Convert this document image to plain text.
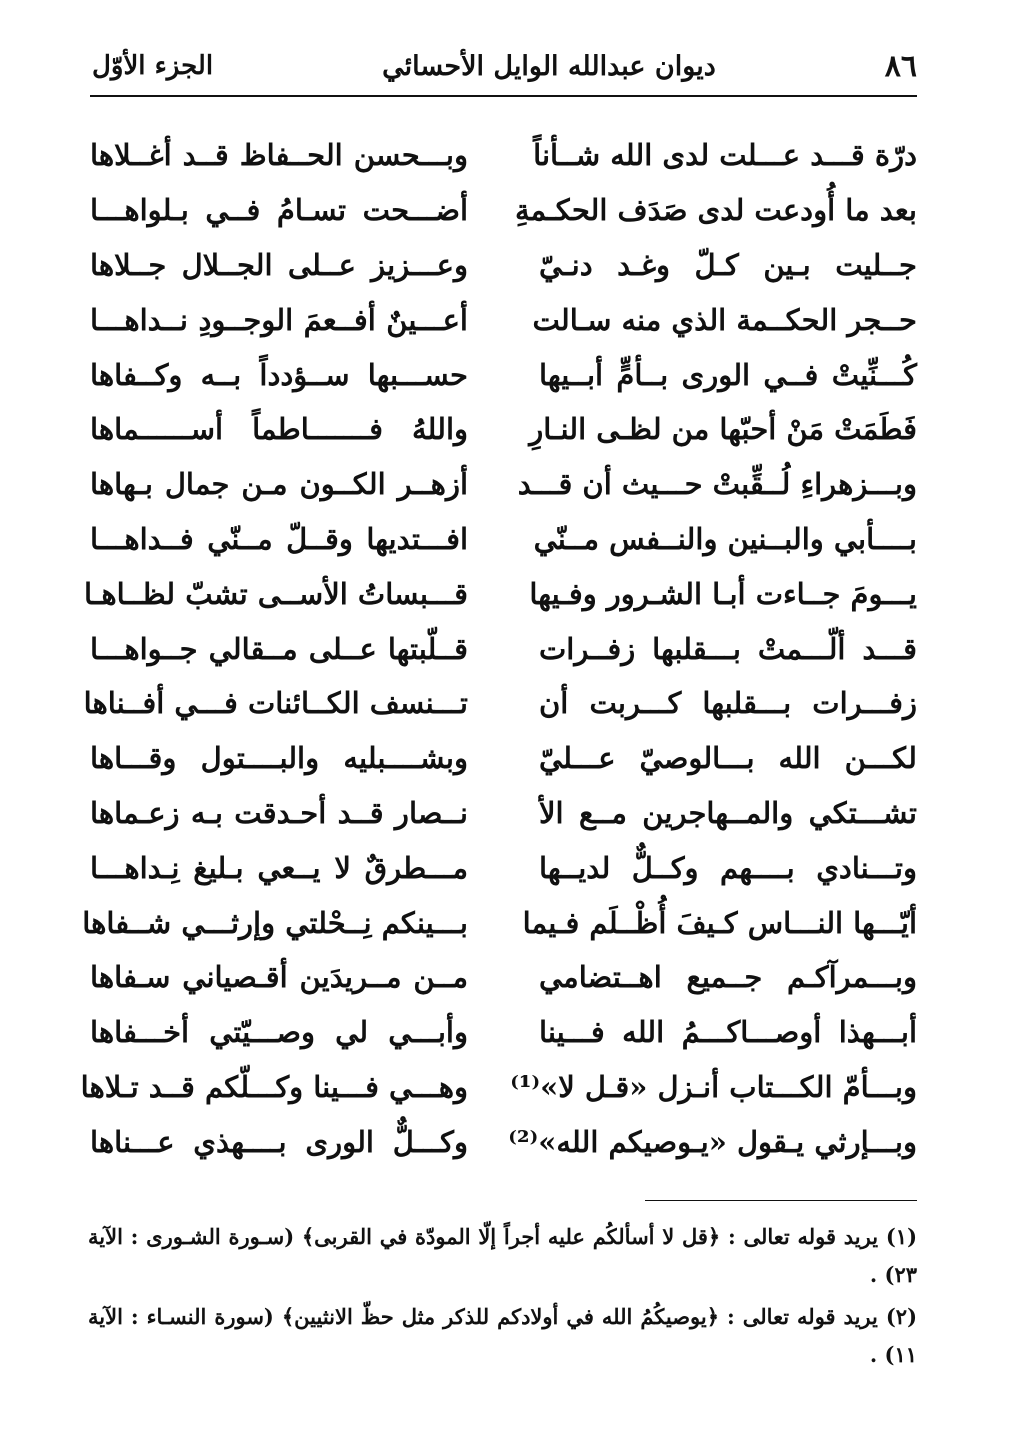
٨٦
ديوان عبدالله الوايل الأحسائي
الجزء الأوّل
درّة قـــد عـــلت لدى الله شــأناً
وبـــحسن الحــفاظ قــد أغــلاها
بعد ما أُودعت لدى صَدَف الحكـمةِ
أضـــحت تسـامُ فــي بـلواهـــا
جــليت بـين كـلّ وغـد دنـيّ
وعـــزيز عــلى الجــلال جــلاها
حــجر الحكــمة الذي منه سـالت
أعـــينٌ أفــعمَ الوجــودِ نــداهـــا
كُـــنِّيتْ فــي الورى بــأمٍّ أبــيها
حســـبها ســؤدداً بــه وكــفاها
فَطَمَتْ مَنْ أحبّها من لظـى النـارِ
واللهُ فـــــــاطماً أســــــماها
وبـــزهراءِ لُــقِّبتْ حـــيث أن قـــد
أزهــر الكــون مـن جمال بـهاها
بــــأبي والبــنين والنــفس مــنّي
افـــتديها وقــلّ مــنّي فــداهـــا
يـــومَ جــاءت أبـا الشـرور وفـيها
قـــبساتُ الأســى تشبّ لظــاهـا
قـــد ألّـــمتْ بـــقلبها زفــرات
قــلّبتها عــلى مــقالي جــواهـــا
زفـــرات بـــقلبها كـــربت أن
تـــنسف الكــائنات فـــي أفــناها
لكـــن الله بـــالوصيّ عـــليّ
وبشــــبليه والبــــتول وقـــاها
تشـــتكي والمــهاجرين مــع الأ
نــصار قــد أحـدقت بـه زعـماها
وتـــنادي بــــهم وكــلٌّ لديــها
مـــطرقٌ لا يــعي بـليغ نِـداهـــا
أيّـــها النـــاس كـيفَ أُظْــلَم فـيما
بـــينكم نِــحْلتي وإرثـــي شــفاها
وبـــمرآكـم جــميع اهــتضامي
مــن مــريدَين أقـصياني سـفاها
أبـــهذا أوصـــاكـــمُ الله فـــينا
وأبـــي لي وصـــيّتي أخـــفاها
وبـــأمّ الكـــتاب أنـزل «قـل لا»⁽¹⁾
وهـــي فـــينا وكـــلّكم قــد تـلاها
وبـــإرثي يـقول «يـوصيكم الله»⁽²⁾
وكـــلٌّ الورى بــــهذي عـــناها
(١) يريد قوله تعالى : ﴿قل لا أسألكُم عليه أجراً إلّا المودّة في القربى﴾ (سـورة الشـورى : الآية ٢٣) .
(٢) يريد قوله تعالى : ﴿يوصيكُمُ الله في أولادكم للذكر مثل حظّ الانثيين﴾ (سورة النسـاء : الآية ١١) .
